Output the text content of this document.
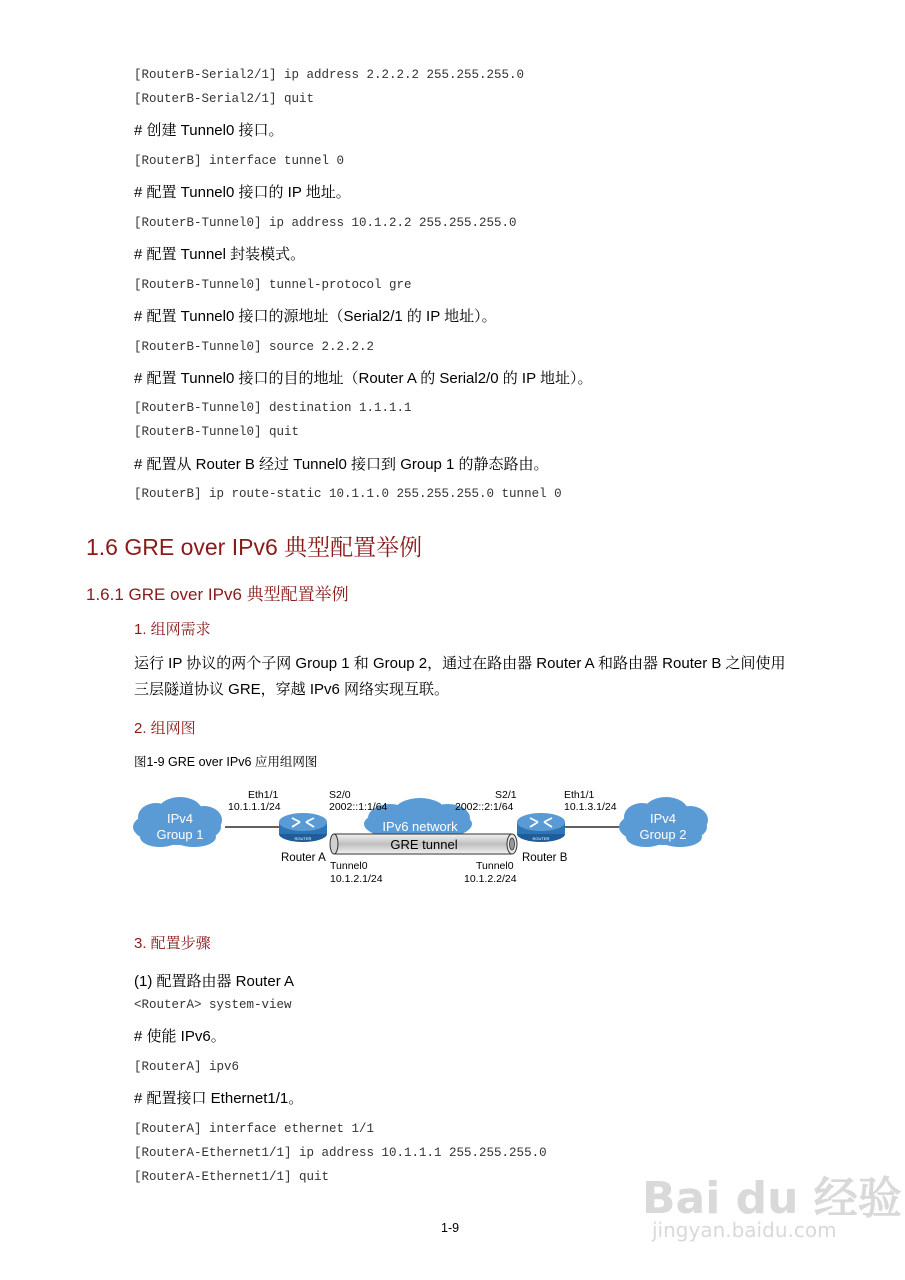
[RouterB-Serial2/1] ip address 2.2.2.2 255.255.255.0
[RouterB-Serial2/1] quit
# 创建 Tunnel0 接口。
[RouterB] interface tunnel 0
# 配置 Tunnel0 接口的 IP 地址。
[RouterB-Tunnel0] ip address 10.1.2.2 255.255.255.0
# 配置 Tunnel 封装模式。
[RouterB-Tunnel0] tunnel-protocol gre
# 配置 Tunnel0 接口的源地址（Serial2/1 的 IP 地址）。
[RouterB-Tunnel0] source 2.2.2.2
# 配置 Tunnel0 接口的目的地址（Router A 的 Serial2/0 的 IP 地址）。
[RouterB-Tunnel0] destination 1.1.1.1
[RouterB-Tunnel0] quit
# 配置从 Router B 经过 Tunnel0 接口到 Group 1 的静态路由。
[RouterB] ip route-static 10.1.1.0 255.255.255.0 tunnel 0
1.6 GRE over IPv6 典型配置举例
1.6.1 GRE over IPv6 典型配置举例
1. 组网需求
运行 IP 协议的两个子网 Group 1 和 Group 2，通过在路由器 Router A 和路由器 Router B 之间使用
三层隧道协议 GRE，穿越 IPv6 网络实现互联。
2. 组网图
图1-9 GRE over IPv6 应用组网图
IPv4
Group 1
IPv4
Group 2
IPv6 network
GRE tunnel
ROUTER	ROUTER
Eth1/1
10.1.1.1/24
S2/0
2002::1:1/64
S2/1
2002::2:1/64
Eth1/1
10.1.3.1/24
Router A	Router B
Tunnel0
10.1.2.1/24
Tunnel0
10.1.2.2/24
3. 配置步骤
(1) 配置路由器 Router A
<RouterA> system-view
# 使能 IPv6。
[RouterA] ipv6
# 配置接口 Ethernet1/1。
[RouterA] interface ethernet 1/1
[RouterA-Ethernet1/1] ip address 10.1.1.1 255.255.255.0
[RouterA-Ethernet1/1] quit
1-9
Bai du 经验
jingyan.baidu.com
